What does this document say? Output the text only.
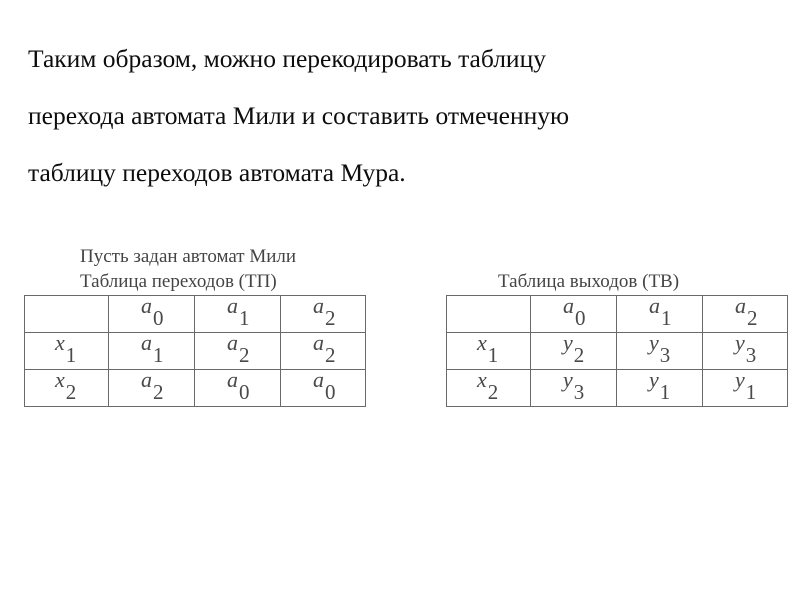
Таким образом, можно перекодировать таблицу
перехода автомата Мили и составить отмеченную
таблицу переходов автомата Мура.
Пусть задан автомат Мили
Таблица переходов (ТП)	Таблица выходов (ТВ)
	a0	a1	a2
x1	a1	a2	a2
x2	a2	a0	a0
	a0	a1	a2
x1	y2	y3	y3
x2	y3	y1	y1
